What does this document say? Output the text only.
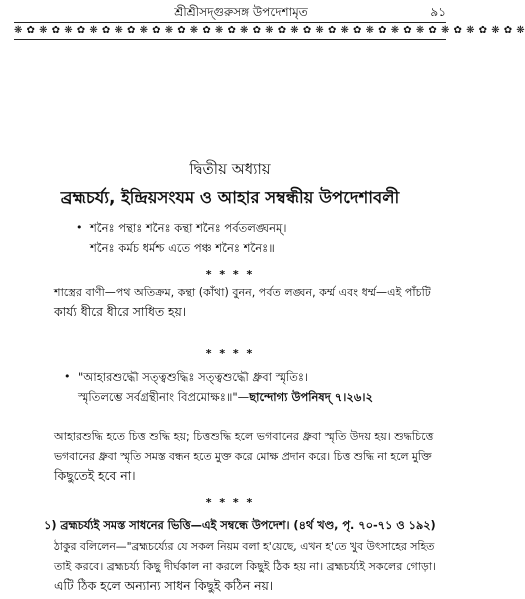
শ্রীশ্রীসদ্গুরুসঙ্গ উপদেশামৃত	৯১
❋ ✿ ❋ ✿ ❋ ✿ ❋ ✿ ❋ ✿ ❋ ✿ ❋ ✿ ❋ ✿ ❋ ✿ ❋ ✿ ❋ ✿ ❋ ✿ ❋ ✿ ❋ ✿ ❋ ✿ ❋ ✿ ❋ ✿ ❋ ✿ ❋ ✿ ❋ ✿ ❋
দ্বিতীয় অধ্যায়
ব্রহ্মচর্য্য, ইন্দ্রিয়সংযম ও আহার সম্বন্ধীয় উপদেশাবলী
• শনৈঃ পন্থাঃ শনৈঃ কন্থা শনৈঃ পর্বতলঙ্ঘনম্।
শনৈঃ কর্মচ ধর্মশ্চ এতে পঞ্চ শনৈঃ শনৈঃ॥
* * * *
শাস্ত্রের বাণী—পথ অতিক্রম, কন্থা (কাঁথা) বুনন, পর্বত লঙ্ঘন, কর্ম্ম এবং ধর্ম্ম—এই পাঁচটি
কার্য্য ধীরে ধীরে সাধিত হয়।
* * * *
• "আহারশুদ্ধৌ সত্ত্বশুদ্ধিঃ সত্ত্বশুদ্ধৌ ধ্রুবা স্মৃতিঃ।
স্মৃতিলম্ভে সর্বগ্রন্থীনাং বিপ্রমোক্ষঃ॥"—ছান্দোগ্য উপনিষদ্ ৭।২৬।২
আহারশুদ্ধি হতে চিত্ত শুদ্ধি হয়; চিত্তশুদ্ধি হলে ভগবানের ধ্রুবা স্মৃতি উদয় হয়। শুদ্ধচিত্তে
ভগবানের ধ্রুবা স্মৃতি সমস্ত বন্ধন হতে মুক্ত করে মোক্ষ প্রদান করে। চিত্ত শুদ্ধি না হলে মুক্তি
কিছুতেই হবে না।
* * * *
১) ব্রহ্মচর্য্যই সমস্ত সাধনের ভিত্তি—এই সম্বন্ধে উপদেশ। (৪র্থ খণ্ড, পৃ. ৭০-৭১ ও ১৯২)
ঠাকুর বলিলেন—"ব্রহ্মচর্য্যের যে সকল নিয়ম বলা হ'য়েছে, এখন হ'তে খুব উৎসাহের সহিত
তাই করবে। ব্রহ্মচর্য্য কিছু দীর্ঘকাল না করলে কিছুই ঠিক হয় না। ব্রহ্মচর্য্যই সকলের গোড়া।
এটি ঠিক হলে অন্যান্য সাধন কিছুই কঠিন নয়।
